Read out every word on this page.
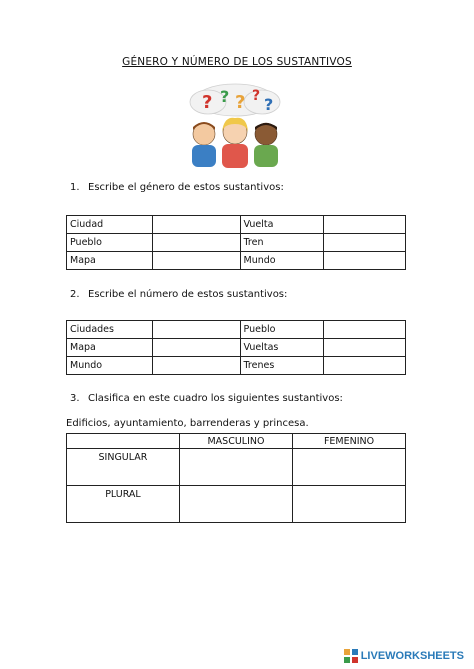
GÉNERO Y NÚMERO DE LOS SUSTANTIVOS
? ? ? ? ?
1. Escribe el género de estos sustantivos:
Ciudad		Vuelta	
Pueblo		Tren	
Mapa		Mundo	
2. Escribe el número de estos sustantivos:
Ciudades		Pueblo	
Mapa		Vueltas	
Mundo		Trenes	
3. Clasifica en este cuadro los siguientes sustantivos:
Edificios, ayuntamiento, barrenderas y princesa.
	MASCULINO	FEMENINO
SINGULAR		
PLURAL		
LIVEWORKSHEETS
